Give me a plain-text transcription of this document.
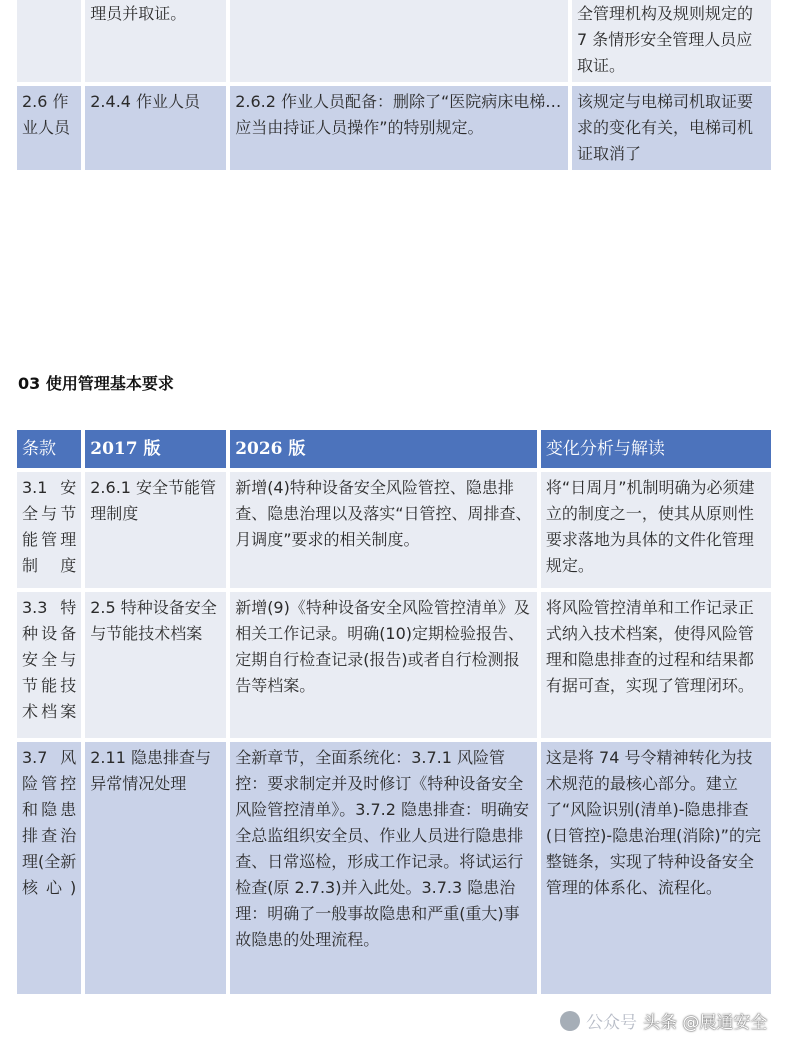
	理员并取证。		全管理机构及规则规定的 7 条情形安全管理人员应取证。
2.6 作业人员	2.4.4 作业人员	2.6.2 作业人员配备：删除了“医院病床电梯…应当由持证人员操作”的特别规定。	该规定与电梯司机取证要求的变化有关，电梯司机证取消了
03 使用管理基本要求
条款	2017 版	2026 版	变化分析与解读
3.1 安全与节能管理制度	2.6.1 安全节能管理制度	新增(4)特种设备安全风险管控、隐患排查、隐患治理以及落实“日管控、周排查、月调度”要求的相关制度。	将“日周月”机制明确为必须建立的制度之一，使其从原则性要求落地为具体的文件化管理规定。
3.3 特种设备安全与节能技术档案	2.5 特种设备安全与节能技术档案	新增(9)《特种设备安全风险管控清单》及相关工作记录。明确(10)定期检验报告、定期自行检查记录(报告)或者自行检测报告等档案。	将风险管控清单和工作记录正式纳入技术档案，使得风险管理和隐患排查的过程和结果都有据可查，实现了管理闭环。
3.7 风险管控和隐患排查治理(全新核心)	2.11 隐患排查与异常情况处理	全新章节，全面系统化：3.7.1 风险管控：要求制定并及时修订《特种设备安全风险管控清单》。3.7.2 隐患排查：明确安全总监组织安全员、作业人员进行隐患排查、日常巡检，形成工作记录。将试运行检查(原 2.7.3)并入此处。3.7.3 隐患治理：明确了一般事故隐患和严重(重大)事故隐患的处理流程。	这是将 74 号令精神转化为技术规范的最核心部分。建立了“风险识别(清单)-隐患排查(日管控)-隐患治理(消除)”的完整链条，实现了特种设备安全管理的体系化、流程化。
公众号 头条 @展通安全
